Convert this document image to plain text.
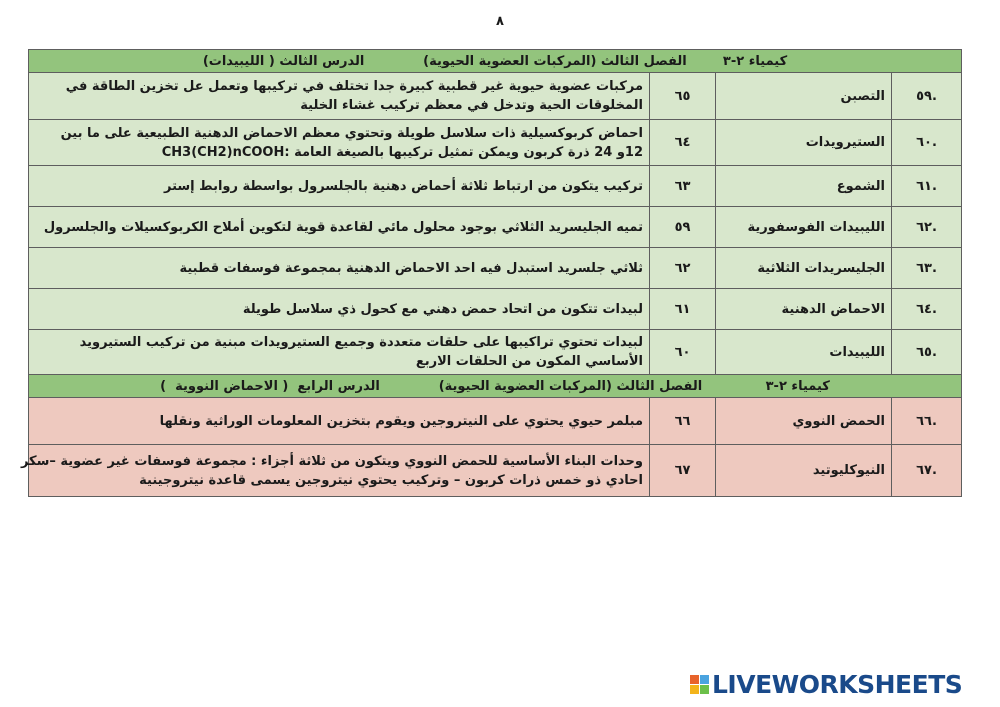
٨
كيمياء ٢-٣        الفصل الثالث (المركبات العضوية الحيوية)             الدرس الثالث ( الليبيدات)			
.٥٩	التصبن	٦٥	مركبات عضوية حيوية غير قطبية كبيرة جدا تختلف في تركيبها وتعمل عل تخزين الطاقة في
المخلوقات الحية وتدخل في معظم تركيب غشاء الخلية

.٦٠	الستيرويدات	٦٤	احماض كربوكسيلية ذات سلاسل طويلة وتحتوي معظم الاحماض الدهنية الطبيعية على ما بين
12و 24 ذرة كربون ويمكن تمثيل تركيبها بالصيغة العامة :CH3(CH2)nCOOH

.٦١	الشموع	٦٣	تركيب يتكون من ارتباط ثلاثة أحماض دهنية بالجلسرول بواسطة روابط إستر

.٦٢	الليبيدات الفوسفورية	٥٩	تميه الجليسريد الثلاثي بوجود محلول مائي لقاعدة قوية لتكوين أملاح الكربوكسيلات والجلسرول

.٦٣	الجليسريدات الثلاثية	٦٢	ثلاثي جلسريد استبدل فيه احد الاحماض الدهنية بمجموعة فوسفات قطبية

.٦٤	الاحماض الدهنية	٦١	لبيدات تتكون من اتحاد حمض دهني مع كحول ذي سلاسل طويلة

.٦٥	الليبيدات	٦٠	لبيدات تحتوي تراكيبها على حلقات متعددة وجميع الستيرويدات مبنية من تركيب الستيرويد
الأساسي المكون من الحلقات الاربع

كيمياء ٢-٣              الفصل الثالث (المركبات العضوية الحيوية)             الدرس الرابع  ( الاحماض النووية  )			
.٦٦	الحمض النووي	٦٦	مبلمر حيوي يحتوي على النيتروجين ويقوم بتخزين المعلومات الوراثية ونقلها

.٦٧	النيوكليوتيد	٦٧	وحدات البناء الأساسية للحمض النووي ويتكون من ثلاثة أجزاء : مجموعة فوسفات غير عضوية –سكر
احادي ذو خمس ذرات كربون – وتركيب يحتوي نيتروجين يسمى قاعدة نيتروجينية
LIVEWORKSHEETS
